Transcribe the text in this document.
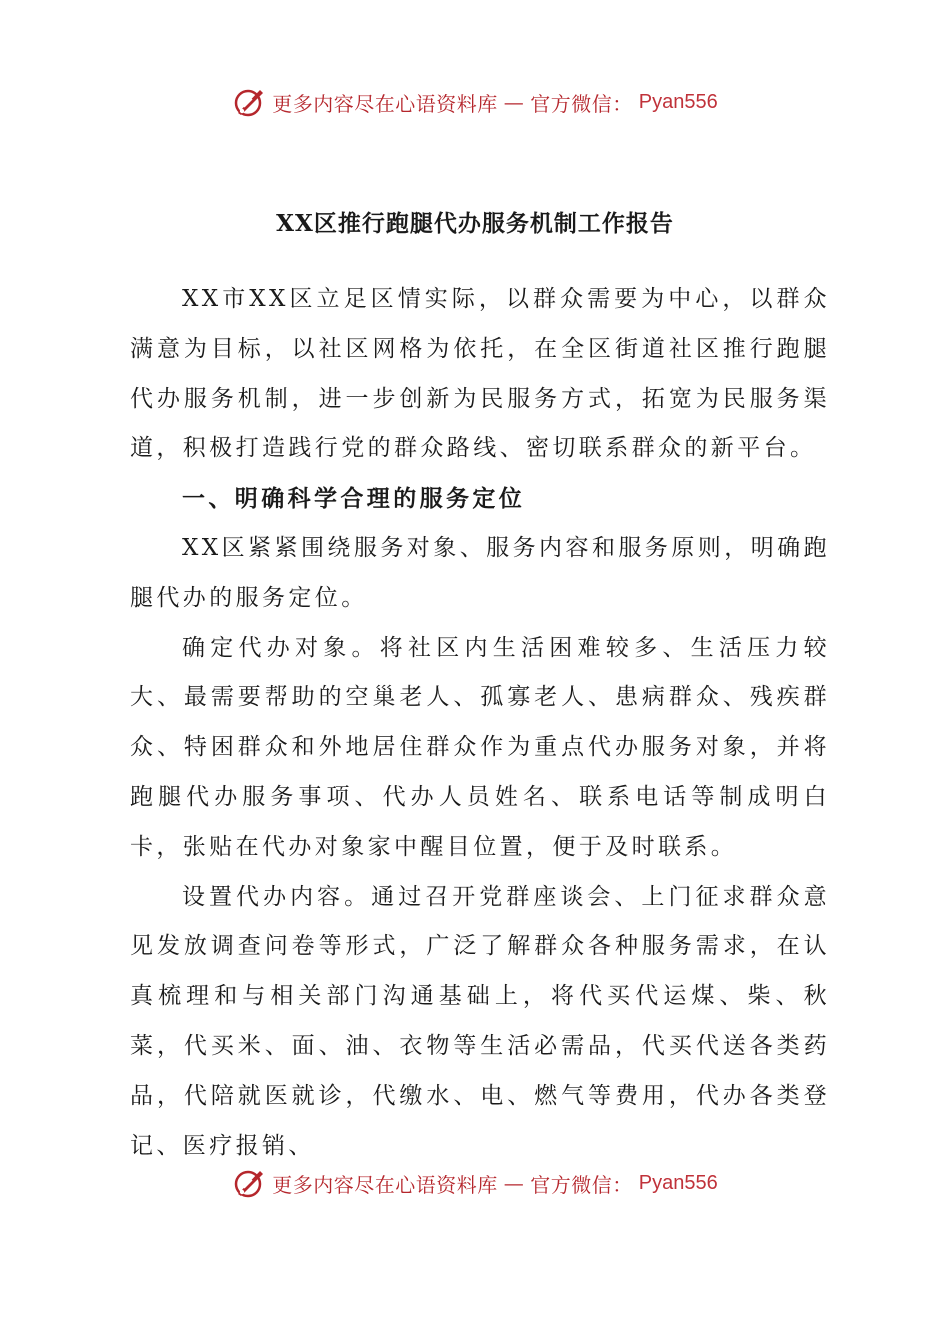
更多内容尽在心语资料库 — 官方微信： Pyan556
XX区推行跑腿代办服务机制工作报告

XX市XX区立足区情实际，以群众需要为中心，以群众满意为目标，以社区网格为依托，在全区街道社区推行跑腿代办服务机制，进一步创新为民服务方式，拓宽为民服务渠道，积极打造践行党的群众路线、密切联系群众的新平台。

一、明确科学合理的服务定位

XX区紧紧围绕服务对象、服务内容和服务原则，明确跑腿代办的服务定位。

确定代办对象。将社区内生活困难较多、生活压力较大、最需要帮助的空巢老人、孤寡老人、患病群众、残疾群众、特困群众和外地居住群众作为重点代办服务对象，并将跑腿代办服务事项、代办人员姓名、联系电话等制成明白卡，张贴在代办对象家中醒目位置，便于及时联系。

设置代办内容。通过召开党群座谈会、上门征求群众意见发放调查问卷等形式，广泛了解群众各种服务需求，在认真梳理和与相关部门沟通基础上，将代买代运煤、柴、秋菜，代买米、面、油、衣物等生活必需品，代买代送各类药品，代陪就医就诊，代缴水、电、燃气等费用，代办各类登记、医疗报销、

更多内容尽在心语资料库 — 官方微信： Pyan556
